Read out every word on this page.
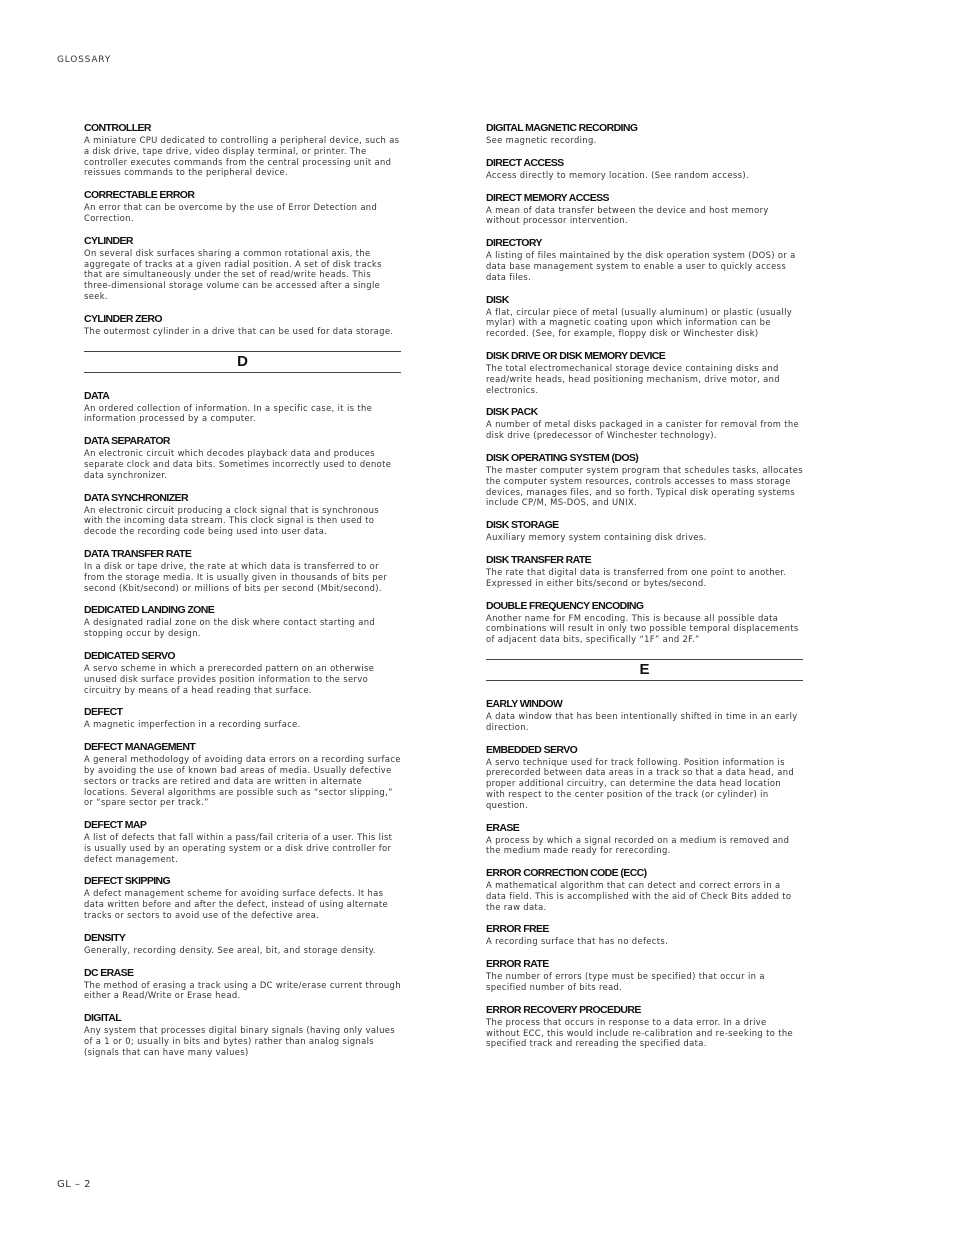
GLOSSARY
CONTROLLER
A miniature CPU dedicated to controlling a peripheral device, such as a disk drive, tape drive, video display terminal, or printer. The controller executes commands from the central processing unit and reissues commands to the peripheral device.
CORRECTABLE ERROR
An error that can be overcome by the use of Error Detection and Correction.
CYLINDER
On several disk surfaces sharing a common rotational axis, the aggregate of tracks at a given radial position. A set of disk tracks that are simultaneously under the set of read/write heads. This three-dimensional storage volume can be accessed after a single seek.
CYLINDER ZERO
The outermost cylinder in a drive that can be used for data storage.
D
DATA
An ordered collection of information. In a specific case, it is the information processed by a computer.
DATA SEPARATOR
An electronic circuit which decodes playback data and produces separate clock and data bits. Sometimes incorrectly used to denote data synchronizer.
DATA SYNCHRONIZER
An electronic circuit producing a clock signal that is synchronous with the incoming data stream. This clock signal is then used to decode the recording code being used into user data.
DATA TRANSFER RATE
In a disk or tape drive, the rate at which data is transferred to or from the storage media. It is usually given in thousands of bits per second (Kbit/second) or millions of bits per second (Mbit/second).
DEDICATED LANDING ZONE
A designated radial zone on the disk where contact starting and stopping occur by design.
DEDICATED SERVO
A servo scheme in which a prerecorded pattern on an otherwise unused disk surface provides position information to the servo circuitry by means of a head reading that surface.
DEFECT
A magnetic imperfection in a recording surface.
DEFECT MANAGEMENT
A general methodology of avoiding data errors on a recording surface by avoiding the use of known bad areas of media. Usually defective sectors or tracks are retired and data are written in alternate locations. Several algorithms are possible such as “sector slipping,” or “spare sector per track.”
DEFECT MAP
A list of defects that fall within a pass/fail criteria of a user. This list is usually used by an operating system or a disk drive controller for defect management.
DEFECT SKIPPING
A defect management scheme for avoiding surface defects. It has data written before and after the defect, instead of using alternate tracks or sectors to avoid use of the defective area.
DENSITY
Generally, recording density. See areal, bit, and storage density.
DC ERASE
The method of erasing a track using a DC write/erase current through either a Read/Write or Erase head.
DIGITAL
Any system that processes digital binary signals (having only values of a 1 or 0; usually in bits and bytes) rather than analog signals (signals that can have many values)
DIGITAL MAGNETIC RECORDING
See magnetic recording.
DIRECT ACCESS
Access directly to memory location. (See random access).
DIRECT MEMORY ACCESS
A mean of data transfer between the device and host memory without processor intervention.
DIRECTORY
A listing of files maintained by the disk operation system (DOS) or a data base management system to enable a user to quickly access data files.
DISK
A flat, circular piece of metal (usually aluminum) or plastic (usually mylar) with a magnetic coating upon which information can be recorded. (See, for example, floppy disk or Winchester disk)
DISK DRIVE OR DISK MEMORY DEVICE
The total electromechanical storage device containing disks and read/write heads, head positioning mechanism, drive motor, and electronics.
DISK PACK
A number of metal disks packaged in a canister for removal from the disk drive (predecessor of Winchester technology).
DISK OPERATING SYSTEM (DOS)
The master computer system program that schedules tasks, allocates the computer system resources, controls accesses to mass storage devices, manages files, and so forth. Typical disk operating systems include CP/M, MS-DOS, and UNIX.
DISK STORAGE
Auxiliary memory system containing disk drives.
DISK TRANSFER RATE
The rate that digital data is transferred from one point to another. Expressed in either bits/second or bytes/second.
DOUBLE FREQUENCY ENCODING
Another name for FM encoding. This is because all possible data combinations will result in only two possible temporal displacements of adjacent data bits, specifically “1F” and 2F.”
E
EARLY WINDOW
A data window that has been intentionally shifted in time in an early direction.
EMBEDDED SERVO
A servo technique used for track following. Position information is prerecorded between data areas in a track so that a data head, and proper additional circuitry, can determine the data head location with respect to the center position of the track (or cylinder) in question.
ERASE
A process by which a signal recorded on a medium is removed and the medium made ready for rerecording.
ERROR CORRECTION CODE (ECC)
A mathematical algorithm that can detect and correct errors in a data field. This is accomplished with the aid of Check Bits added to the raw data.
ERROR FREE
A recording surface that has no defects.
ERROR RATE
The number of errors (type must be specified) that occur in a specified number of bits read.
ERROR RECOVERY PROCEDURE
The process that occurs in response to a data error. In a drive without ECC, this would include re-calibration and re-seeking to the specified track and rereading the specified data.
GL – 2
